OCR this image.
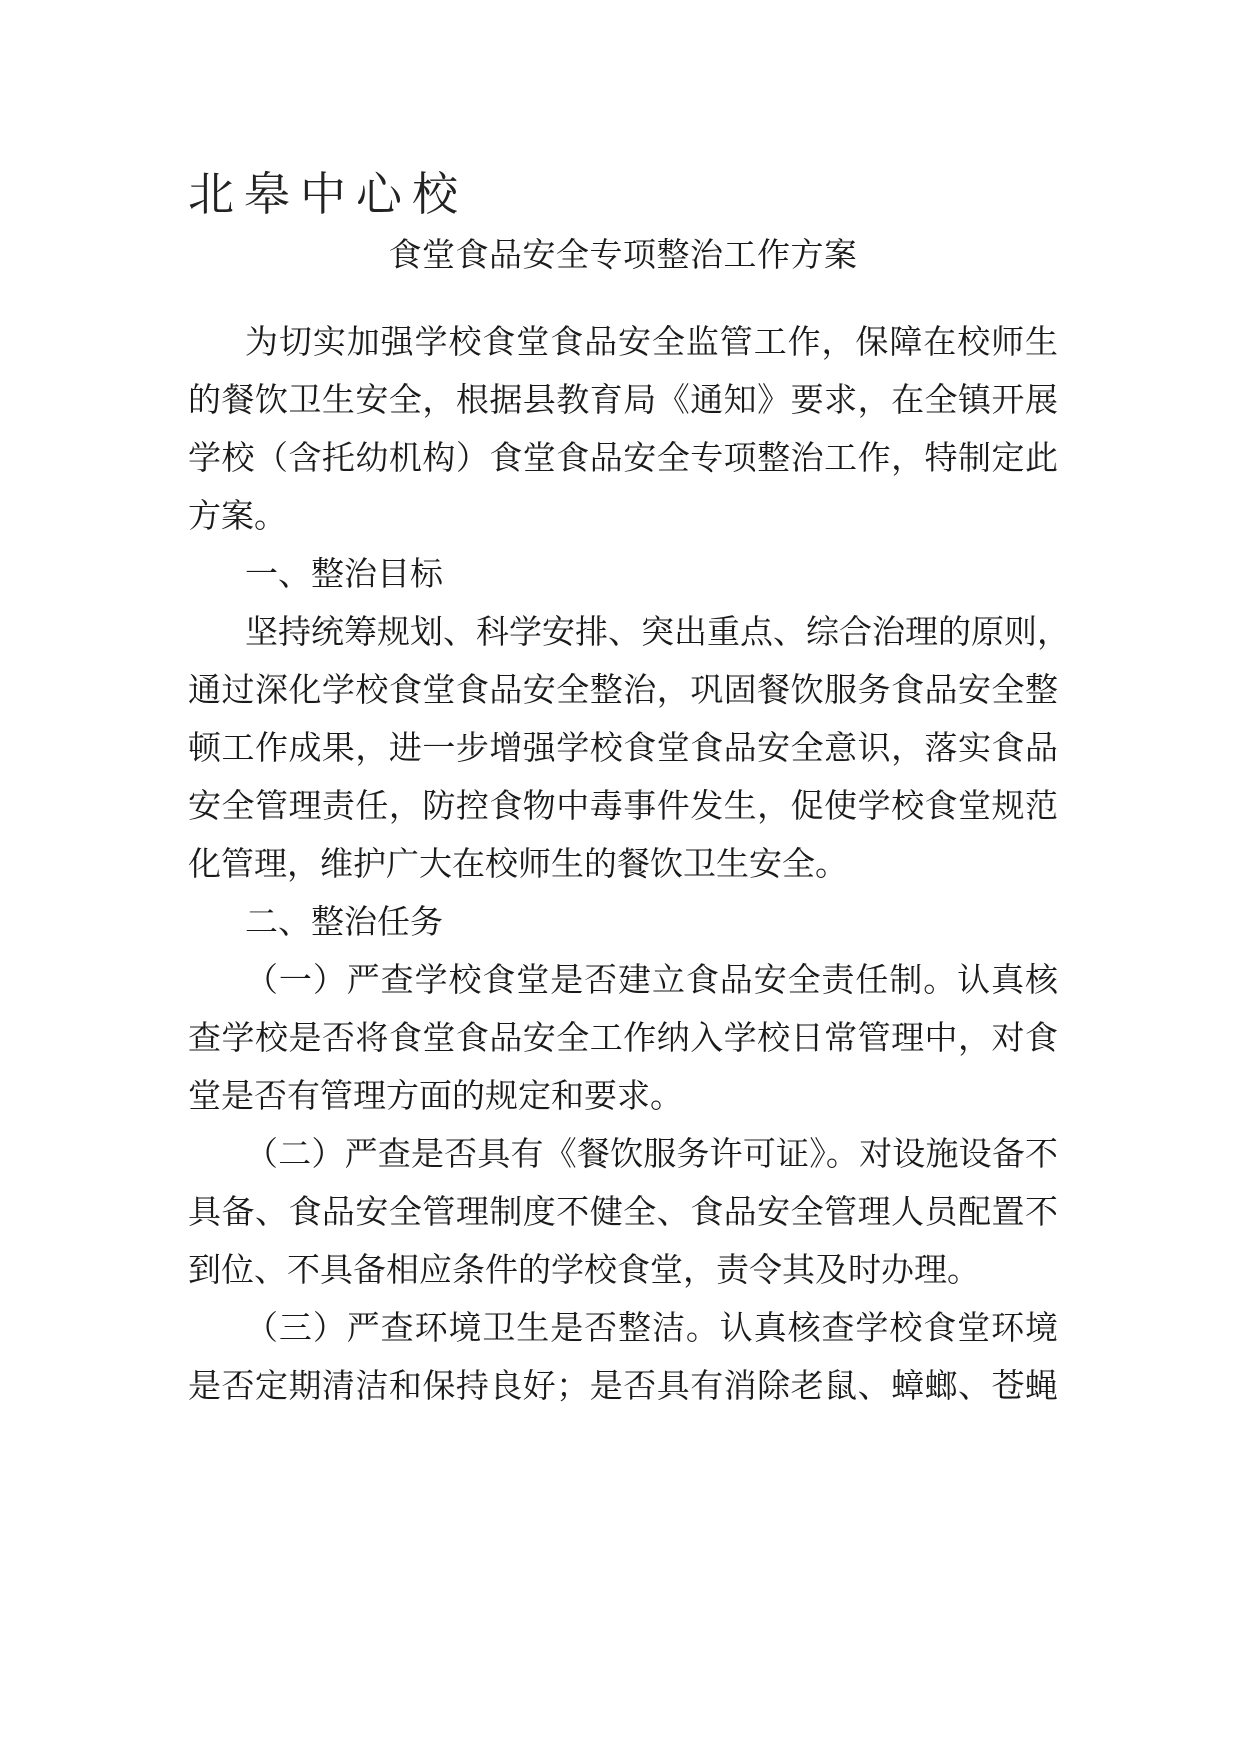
北皋中心校
食堂食品安全专项整治工作方案
为切实加强学校食堂食品安全监管工作，保障在校师生
的餐饮卫生安全，根据县教育局《通知》要求，在全镇开展
学校（含托幼机构）食堂食品安全专项整治工作，特制定此
方案。
一、整治目标
坚持统筹规划、科学安排、突出重点、综合治理的原则，
通过深化学校食堂食品安全整治，巩固餐饮服务食品安全整
顿工作成果，进一步增强学校食堂食品安全意识，落实食品
安全管理责任，防控食物中毒事件发生，促使学校食堂规范
化管理，维护广大在校师生的餐饮卫生安全。
二、整治任务
（一）严查学校食堂是否建立食品安全责任制。认真核
查学校是否将食堂食品安全工作纳入学校日常管理中，对食
堂是否有管理方面的规定和要求。
（二）严查是否具有《餐饮服务许可证》。对设施设备不
具备、食品安全管理制度不健全、食品安全管理人员配置不
到位、不具备相应条件的学校食堂，责令其及时办理。
（三）严查环境卫生是否整洁。认真核查学校食堂环境
是否定期清洁和保持良好；是否具有消除老鼠、蟑螂、苍蝇
